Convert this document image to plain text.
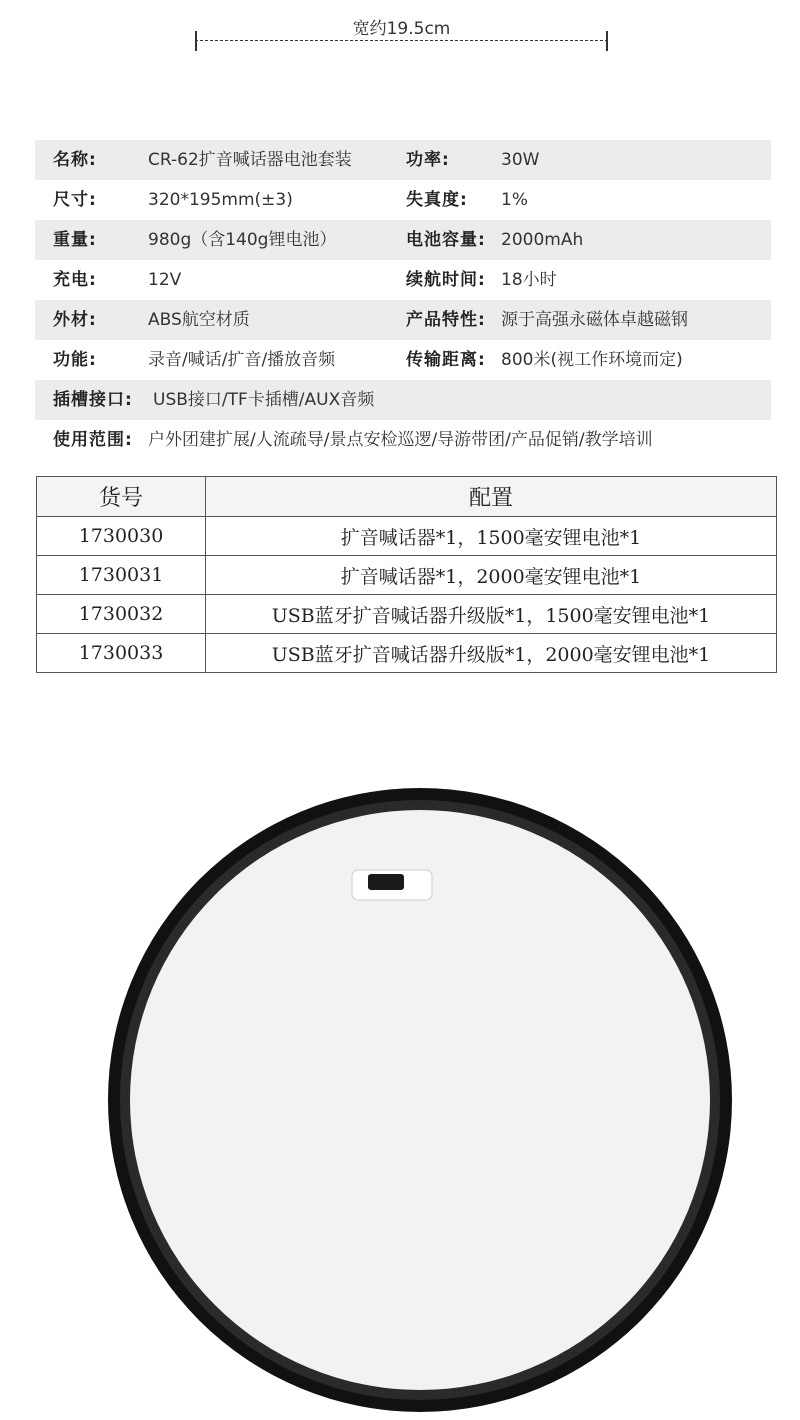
宽约19.5cm
名称:	CR-62扩音喊话器电池套装	功率:	30W
尺寸:	320*195mm(±3)	失真度: 1%
重量:	980g（含140g锂电池）	电池容量: 2000mAh
充电:	12V	续航时间: 18小时
外材:	ABS航空材质	产品特性: 源于高强永磁体卓越磁钢
功能:	录音/喊话/扩音/播放音频	传输距离: 800米(视工作环境而定)
插槽接口: USB接口/TF卡插槽/AUX音频
使用范围: 户外团建扩展/人流疏导/景点安检巡逻/导游带团/产品促销/教学培训
货号	配置
1730030	扩音喊话器*1，1500毫安锂电池*1
1730031	扩音喊话器*1，2000毫安锂电池*1
1730032	USB蓝牙扩音喊话器升级版*1，1500毫安锂电池*1
1730033	USB蓝牙扩音喊话器升级版*1，2000毫安锂电池*1
